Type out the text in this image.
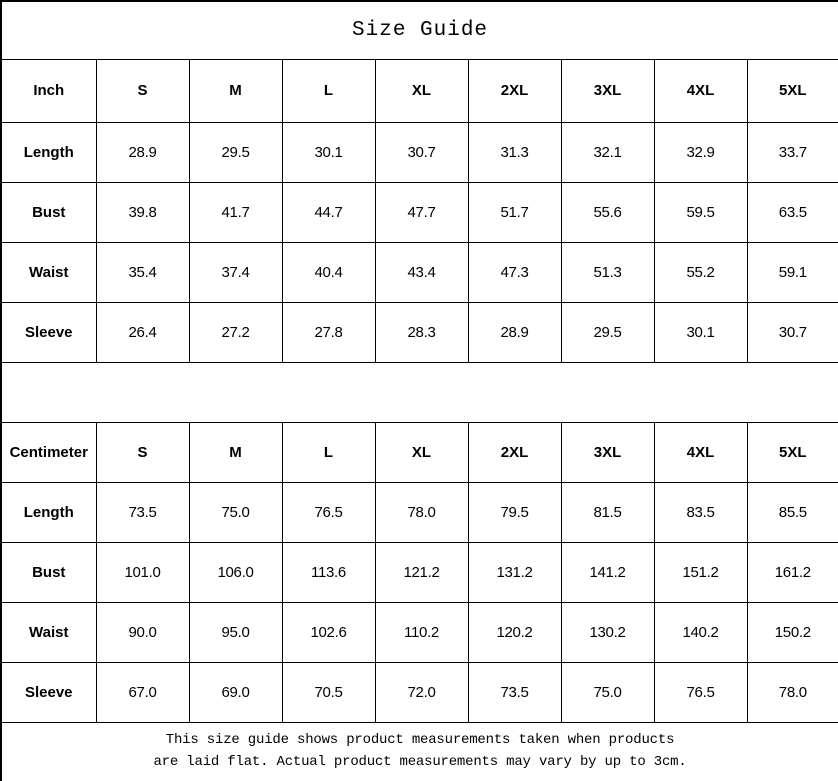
Size Guide								
Inch	S	M	L	XL	2XL	3XL	4XL	5XL
Length	28.9	29.5	30.1	30.7	31.3	32.1	32.9	33.7
Bust	39.8	41.7	44.7	47.7	51.7	55.6	59.5	63.5
Waist	35.4	37.4	40.4	43.4	47.3	51.3	55.2	59.1
Sleeve	26.4	27.2	27.8	28.3	28.9	29.5	30.1	30.7

Centimeter	S	M	L	XL	2XL	3XL	4XL	5XL
Length	73.5	75.0	76.5	78.0	79.5	81.5	83.5	85.5
Bust	101.0	106.0	113.6	121.2	131.2	141.2	151.2	161.2
Waist	90.0	95.0	102.6	110.2	120.2	130.2	140.2	150.2
Sleeve	67.0	69.0	70.5	72.0	73.5	75.0	76.5	78.0

This size guide shows product measurements taken when products
are laid flat. Actual product measurements may vary by up to 3cm.								
